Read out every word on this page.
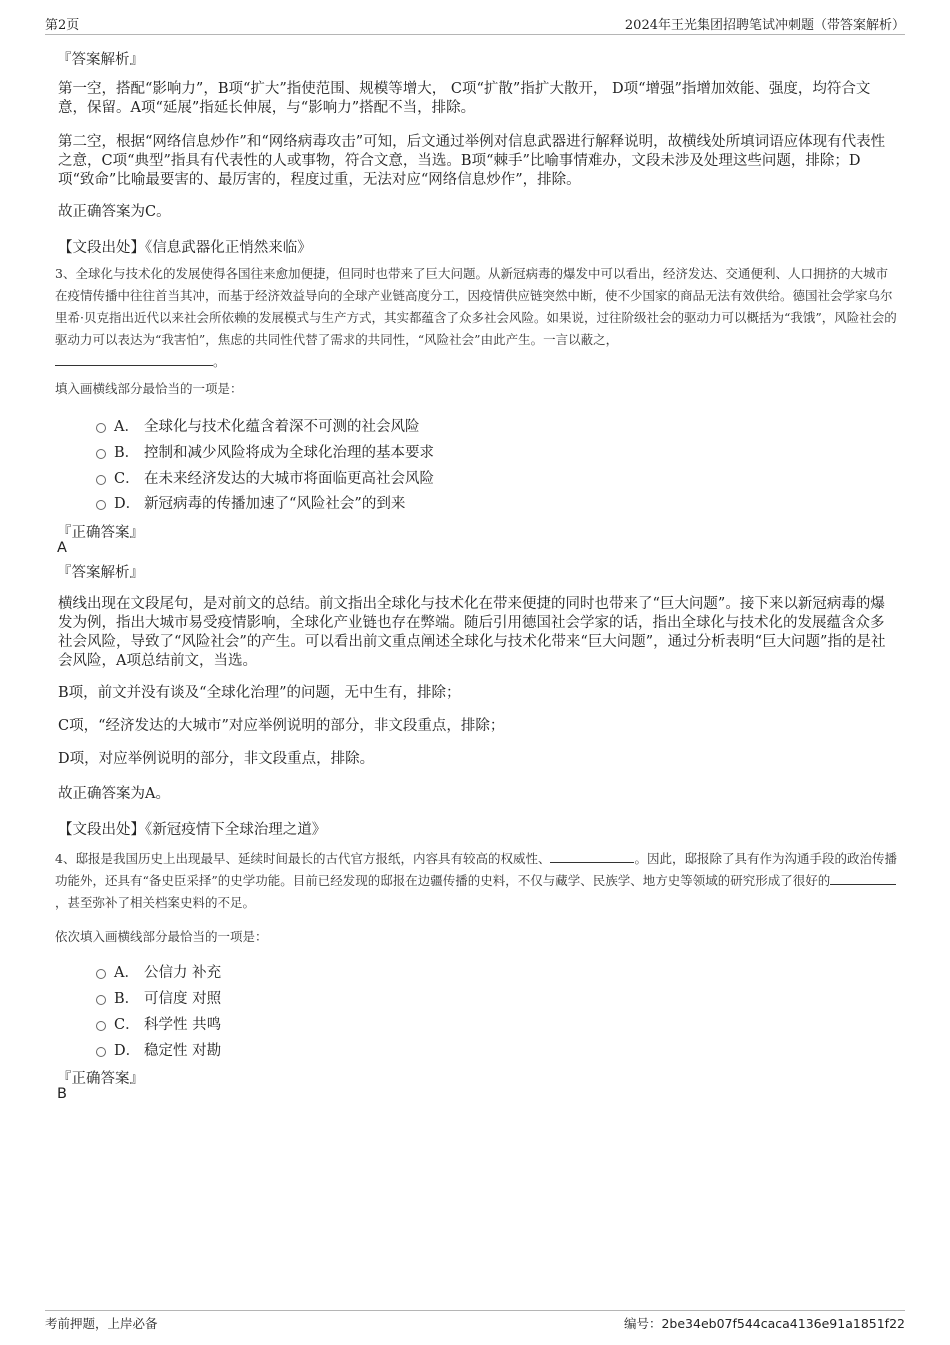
第2页	2024年王光集团招聘笔试冲刺题（带答案解析）
『答案解析』
第一空，搭配“影响力”，B项“扩大”指使范围、规模等增大， C项“扩散”指扩大散开， D项“增强”指增加效能、强度，均符合文意，保留。A项“延展”指延长伸展，与“影响力”搭配不当，排除。
第二空，根据“网络信息炒作”和“网络病毒攻击”可知，后文通过举例对信息武器进行解释说明，故横线处所填词语应体现有代表性之意，C项“典型”指具有代表性的人或事物，符合文意，当选。B项“棘手”比喻事情难办，文段未涉及处理这些问题，排除；D项“致命”比喻最要害的、最厉害的，程度过重，无法对应“网络信息炒作”，排除。
故正确答案为C。
【文段出处】《信息武器化正悄然来临》
3、全球化与技术化的发展使得各国往来愈加便捷，但同时也带来了巨大问题。从新冠病毒的爆发中可以看出，经济发达、交通便利、人口拥挤的大城市在疫情传播中往往首当其冲，而基于经济效益导向的全球产业链高度分工，因疫情供应链突然中断，使不少国家的商品无法有效供给。德国社会学家乌尔里希·贝克指出近代以来社会所依赖的发展模式与生产方式，其实都蕴含了众多社会风险。如果说，过往阶级社会的驱动力可以概括为“我饿”，风险社会的驱动力可以表达为“我害怕”，焦虑的共同性代替了需求的共同性，“风险社会”由此产生。一言以蔽之，
。
填入画横线部分最恰当的一项是：
A． 全球化与技术化蕴含着深不可测的社会风险
B． 控制和减少风险将成为全球化治理的基本要求
C． 在未来经济发达的大城市将面临更高社会风险
D． 新冠病毒的传播加速了“风险社会”的到来
『正确答案』
A
『答案解析』
横线出现在文段尾句，是对前文的总结。前文指出全球化与技术化在带来便捷的同时也带来了“巨大问题”。接下来以新冠病毒的爆发为例，指出大城市易受疫情影响，全球化产业链也存在弊端。随后引用德国社会学家的话，指出全球化与技术化的发展蕴含众多社会风险，导致了“风险社会”的产生。可以看出前文重点阐述全球化与技术化带来“巨大问题”，通过分析表明“巨大问题”指的是社会风险，A项总结前文，当选。
B项，前文并没有谈及“全球化治理”的问题，无中生有，排除；
C项，“经济发达的大城市”对应举例说明的部分，非文段重点，排除；
D项，对应举例说明的部分，非文段重点，排除。
故正确答案为A。
【文段出处】《新冠疫情下全球治理之道》
4、邸报是我国历史上出现最早、延续时间最长的古代官方报纸，内容具有较高的权威性、	。因此，邸报除了具有作为沟通手段的政治传播功能外，还具有“备史臣采择”的史学功能。目前已经发现的邸报在边疆传播的史料，不仅与藏学、民族学、地方史等领域的研究形成了很好的，甚至弥补了相关档案史料的不足。
依次填入画横线部分最恰当的一项是：
A． 公信力 补充
B． 可信度 对照
C． 科学性 共鸣
D． 稳定性 对勘
『正确答案』
B
考前押题，上岸必备	编号：2be34eb07f544caca4136e91a1851f22
